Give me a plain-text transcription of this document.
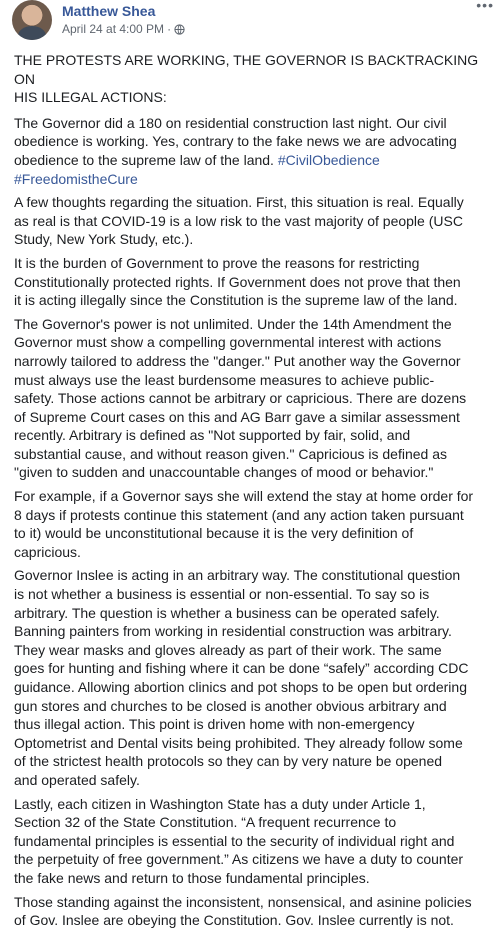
Matthew Shea
April 24 at 4:00 PM ·
•••

THE PROTESTS ARE WORKING, THE GOVERNOR IS BACKTRACKING ON
HIS ILLEGAL ACTIONS:

The Governor did a 180 on residential construction last night. Our civil
obedience is working. Yes, contrary to the fake news we are advocating
obedience to the supreme law of the land. #CivilObedience
#FreedomistheCure

A few thoughts regarding the situation. First, this situation is real. Equally
as real is that COVID-19 is a low risk to the vast majority of people (USC
Study, New York Study, etc.).

It is the burden of Government to prove the reasons for restricting
Constitutionally protected rights. If Government does not prove that then
it is acting illegally since the Constitution is the supreme law of the land.

The Governor's power is not unlimited. Under the 14th Amendment the
Governor must show a compelling governmental interest with actions
narrowly tailored to address the "danger." Put another way the Governor
must always use the least burdensome measures to achieve public-
safety. Those actions cannot be arbitrary or capricious. There are dozens
of Supreme Court cases on this and AG Barr gave a similar assessment
recently. Arbitrary is defined as "Not supported by fair, solid, and
substantial cause, and without reason given." Capricious is defined as
"given to sudden and unaccountable changes of mood or behavior."

For example, if a Governor says she will extend the stay at home order for
8 days if protests continue this statement (and any action taken pursuant
to it) would be unconstitutional because it is the very definition of
capricious.

Governor Inslee is acting in an arbitrary way. The constitutional question
is not whether a business is essential or non-essential. To say so is
arbitrary. The question is whether a business can be operated safely.
Banning painters from working in residential construction was arbitrary.
They wear masks and gloves already as part of their work. The same
goes for hunting and fishing where it can be done “safely” according CDC
guidance. Allowing abortion clinics and pot shops to be open but ordering
gun stores and churches to be closed is another obvious arbitrary and
thus illegal action. This point is driven home with non-emergency
Optometrist and Dental visits being prohibited. They already follow some
of the strictest health protocols so they can by very nature be opened
and operated safely.

Lastly, each citizen in Washington State has a duty under Article 1,
Section 32 of the State Constitution. “A frequent recurrence to
fundamental principles is essential to the security of individual right and
the perpetuity of free government.” As citizens we have a duty to counter
the fake news and return to those fundamental principles.

Those standing against the inconsistent, nonsensical, and asinine policies
of Gov. Inslee are obeying the Constitution. Gov. Inslee currently is not.
